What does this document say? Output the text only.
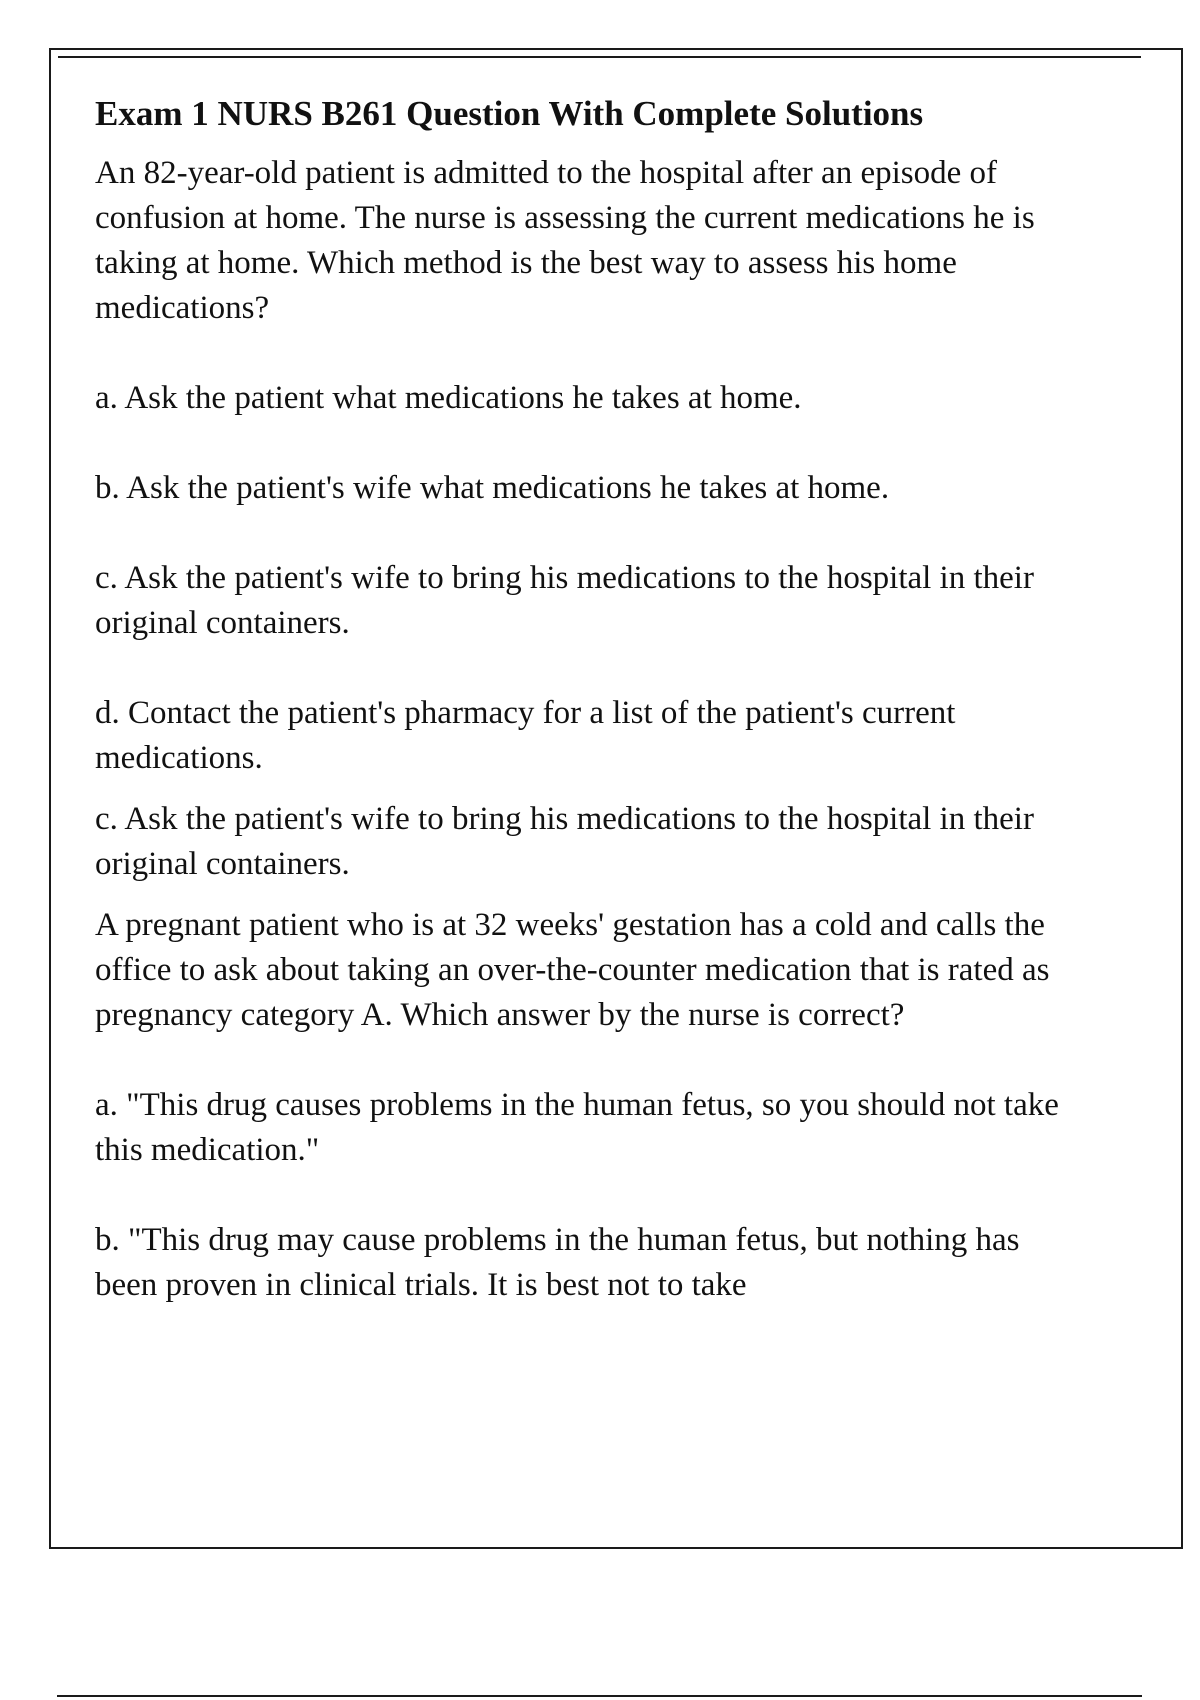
Exam 1 NURS B261 Question With Complete Solutions

An 82-year-old patient is admitted to the hospital after an episode of confusion at home. The nurse is assessing the current medications he is taking at home. Which method is the best way to assess his home medications?

a. Ask the patient what medications he takes at home.

b. Ask the patient's wife what medications he takes at home.

c. Ask the patient's wife to bring his medications to the hospital in their original containers.

d. Contact the patient's pharmacy for a list of the patient's current medications.

c. Ask the patient's wife to bring his medications to the hospital in their original containers.

A pregnant patient who is at 32 weeks' gestation has a cold and calls the office to ask about taking an over-the-counter medication that is rated as pregnancy category A. Which answer by the nurse is correct?

a. "This drug causes problems in the human fetus, so you should not take this medication."

b. "This drug may cause problems in the human fetus, but nothing has been proven in clinical trials. It is best not to take
